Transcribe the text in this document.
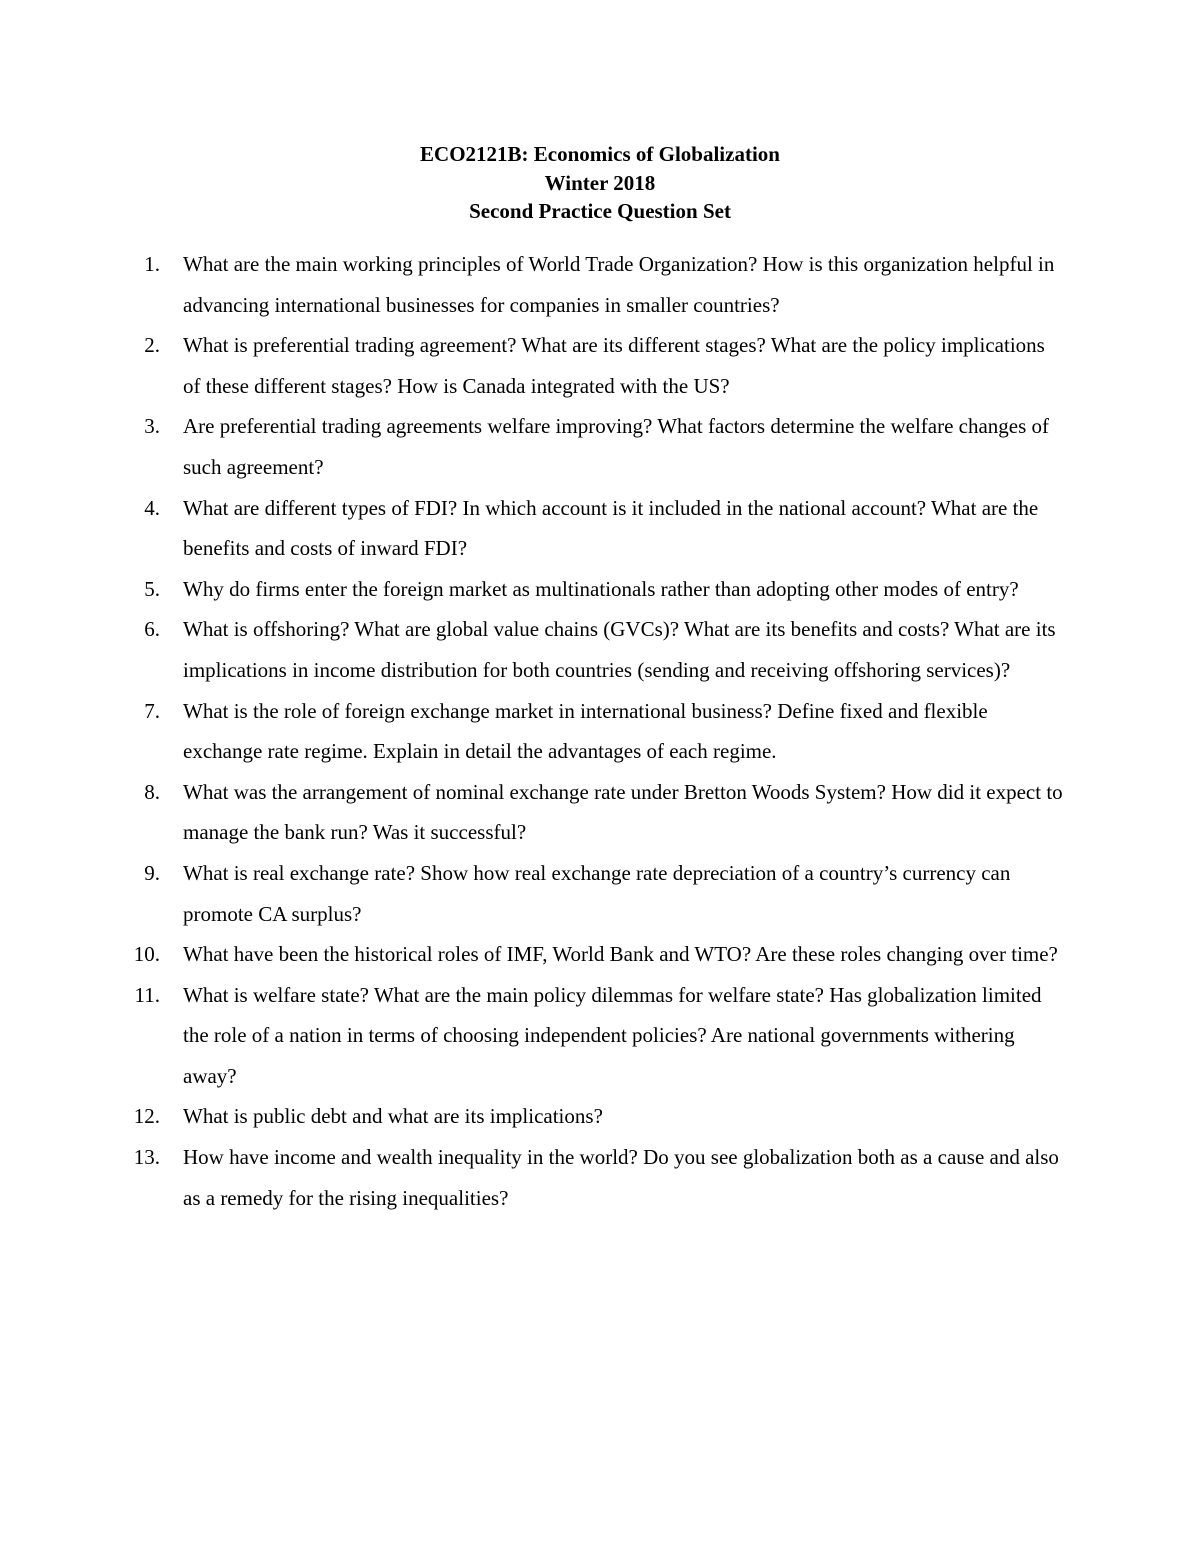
ECO2121B: Economics of Globalization
Winter 2018
Second Practice Question Set
1. What are the main working principles of World Trade Organization? How is this organization helpful in advancing international businesses for companies in smaller countries?
2. What is preferential trading agreement? What are its different stages? What are the policy implications of these different stages? How is Canada integrated with the US?
3. Are preferential trading agreements welfare improving? What factors determine the welfare changes of such agreement?
4. What are different types of FDI? In which account is it included in the national account? What are the benefits and costs of inward FDI?
5. Why do firms enter the foreign market as multinationals rather than adopting other modes of entry?
6. What is offshoring? What are global value chains (GVCs)? What are its benefits and costs? What are its implications in income distribution for both countries (sending and receiving offshoring services)?
7. What is the role of foreign exchange market in international business? Define fixed and flexible exchange rate regime. Explain in detail the advantages of each regime.
8. What was the arrangement of nominal exchange rate under Bretton Woods System? How did it expect to manage the bank run? Was it successful?
9. What is real exchange rate? Show how real exchange rate depreciation of a country’s currency can promote CA surplus?
10. What have been the historical roles of IMF, World Bank and WTO? Are these roles changing over time?
11. What is welfare state? What are the main policy dilemmas for welfare state? Has globalization limited the role of a nation in terms of choosing independent policies? Are national governments withering away?
12. What is public debt and what are its implications?
13. How have income and wealth inequality in the world? Do you see globalization both as a cause and also as a remedy for the rising inequalities?
